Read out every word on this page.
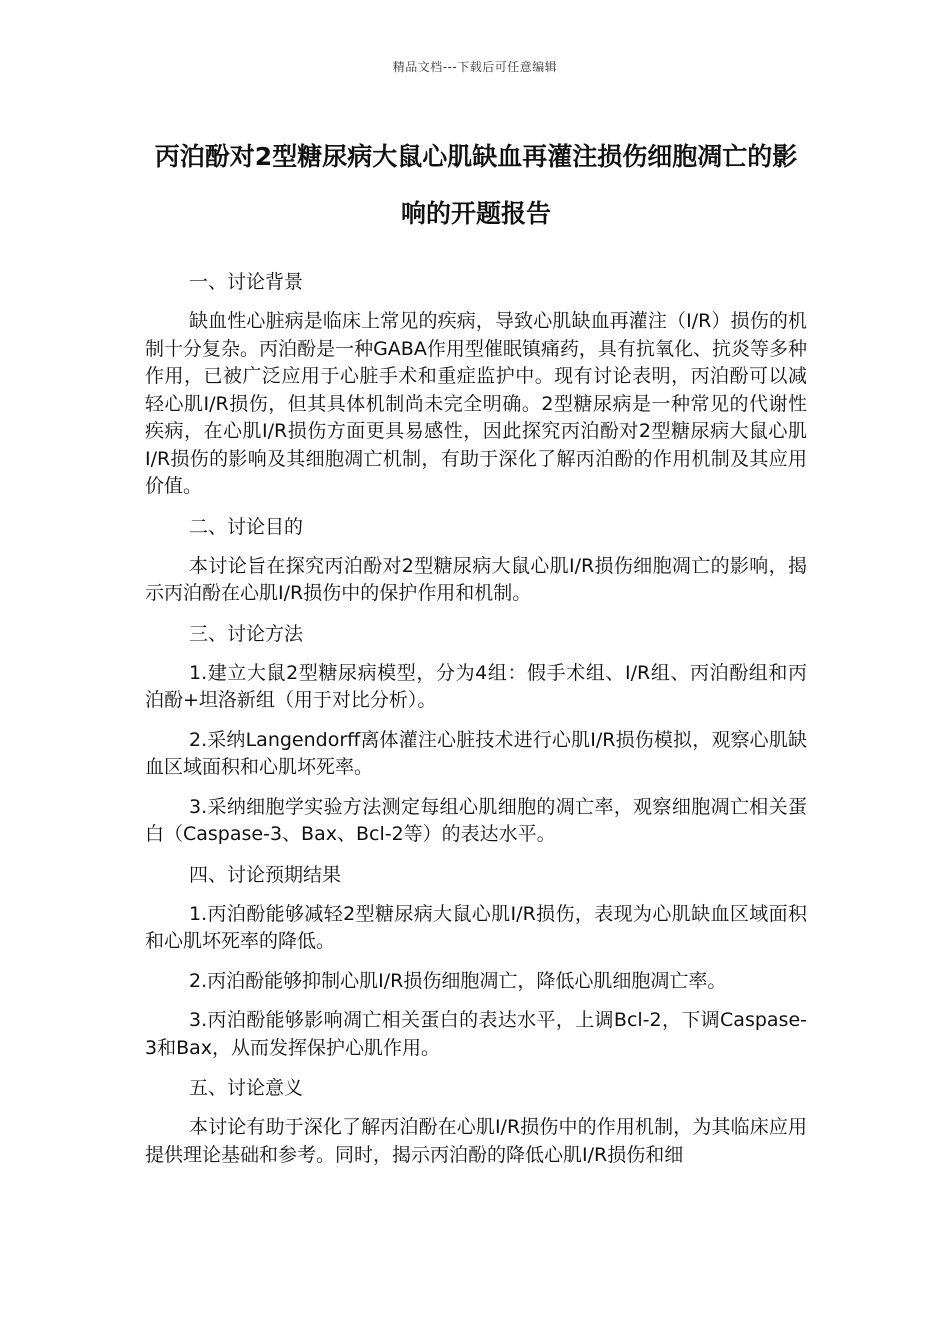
精品文档---下载后可任意编辑
丙泊酚对2型糖尿病大鼠心肌缺血再灌注损伤细胞凋亡的影响的开题报告

一、讨论背景

缺血性心脏病是临床上常见的疾病，导致心肌缺血再灌注（I/R）损伤的机制十分复杂。丙泊酚是一种GABA作用型催眠镇痛药，具有抗氧化、抗炎等多种作用，已被广泛应用于心脏手术和重症监护中。现有讨论表明，丙泊酚可以减轻心肌I/R损伤，但其具体机制尚未完全明确。2型糖尿病是一种常见的代谢性疾病，在心肌I/R损伤方面更具易感性，因此探究丙泊酚对2型糖尿病大鼠心肌I/R损伤的影响及其细胞凋亡机制，有助于深化了解丙泊酚的作用机制及其应用价值。

二、讨论目的

本讨论旨在探究丙泊酚对2型糖尿病大鼠心肌I/R损伤细胞凋亡的影响，揭示丙泊酚在心肌I/R损伤中的保护作用和机制。

三、讨论方法

1.建立大鼠2型糖尿病模型，分为4组：假手术组、I/R组、丙泊酚组和丙泊酚+坦洛新组（用于对比分析）。

2.采纳Langendorff离体灌注心脏技术进行心肌I/R损伤模拟，观察心肌缺血区域面积和心肌坏死率。

3.采纳细胞学实验方法测定每组心肌细胞的凋亡率，观察细胞凋亡相关蛋白（Caspase-3、Bax、Bcl-2等）的表达水平。

四、讨论预期结果

1.丙泊酚能够减轻2型糖尿病大鼠心肌I/R损伤，表现为心肌缺血区域面积和心肌坏死率的降低。

2.丙泊酚能够抑制心肌I/R损伤细胞凋亡，降低心肌细胞凋亡率。

3.丙泊酚能够影响凋亡相关蛋白的表达水平，上调Bcl-2，下调Caspase-3和Bax，从而发挥保护心肌作用。

五、讨论意义

本讨论有助于深化了解丙泊酚在心肌I/R损伤中的作用机制，为其临床应用提供理论基础和参考。同时，揭示丙泊酚的降低心肌I/R损伤和细
